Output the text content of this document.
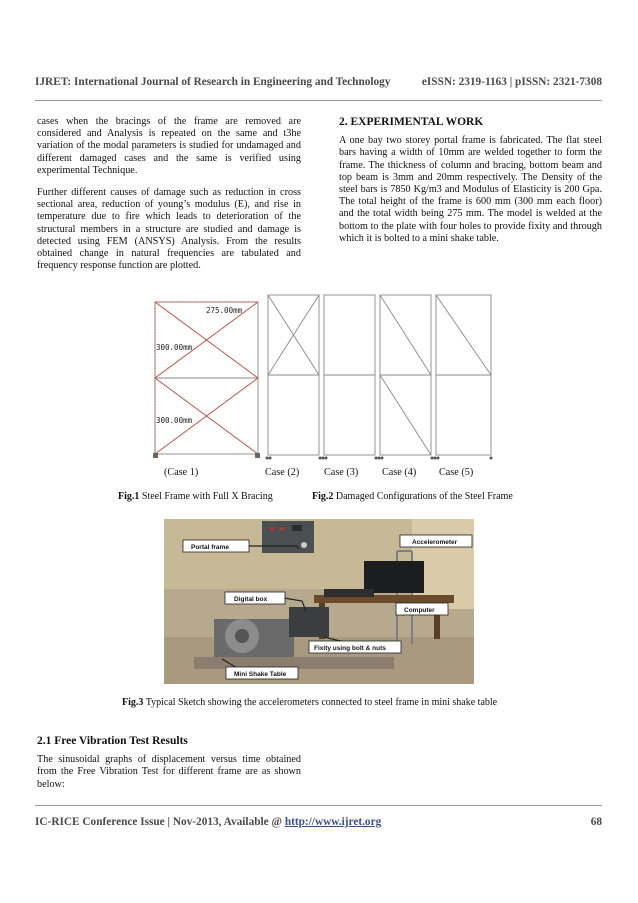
IJRET: International Journal of Research in Engineering and Technology	eISSN: 2319-1163 | pISSN: 2321-7308

cases when the bracings of the frame are removed are considered and Analysis is repeated on the same and t3he variation of the modal parameters is studied for undamaged and different damaged cases and the same is verified using experimental Technique.

Further different causes of damage such as reduction in cross sectional area, reduction of young’s modulus (E), and rise in temperature due to fire which leads to deterioration of the structural members in a structure are studied and damage is detected using FEM (ANSYS) Analysis. From the results obtained change in natural frequencies are tabulated and frequency response function are plotted.

2. EXPERIMENTAL WORK

A one bay two storey portal frame is fabricated. The flat steel bars having a width of 10mm are welded together to form the frame. The thickness of column and bracing, bottom beam and top beam is 3mm and 20mm respectively. The Density of the steel bars is 7850 Kg/m3 and Modulus of Elasticity is 200 Gpa. The total height of the frame is 600 mm (300 mm each floor) and the total width being 275 mm. The model is welded at the bottom to the plate with four holes to provide fixity and through which it is bolted to a mini shake table.

275.00mm
300.00mm
300.00mm
(Case 1)	Case (2) Case (3) Case (4) Case (5)
Fig.1 Steel Frame with Full X Bracing	Fig.2 Damaged Configurations of the Steel Frame
Portal frame
Accelerometer
Digital box
Computer
Fixity using bolt & nuts
Mini Shake Table
Fig.3 Typical Sketch showing the accelerometers connected to steel frame in mini shake table
2.1 Free Vibration Test Results

The sinusoidal graphs of displacement versus time obtained from the Free Vibration Test for different frame are as shown below:

IC-RICE Conference Issue | Nov-2013, Available @ http://www.ijret.org	68
